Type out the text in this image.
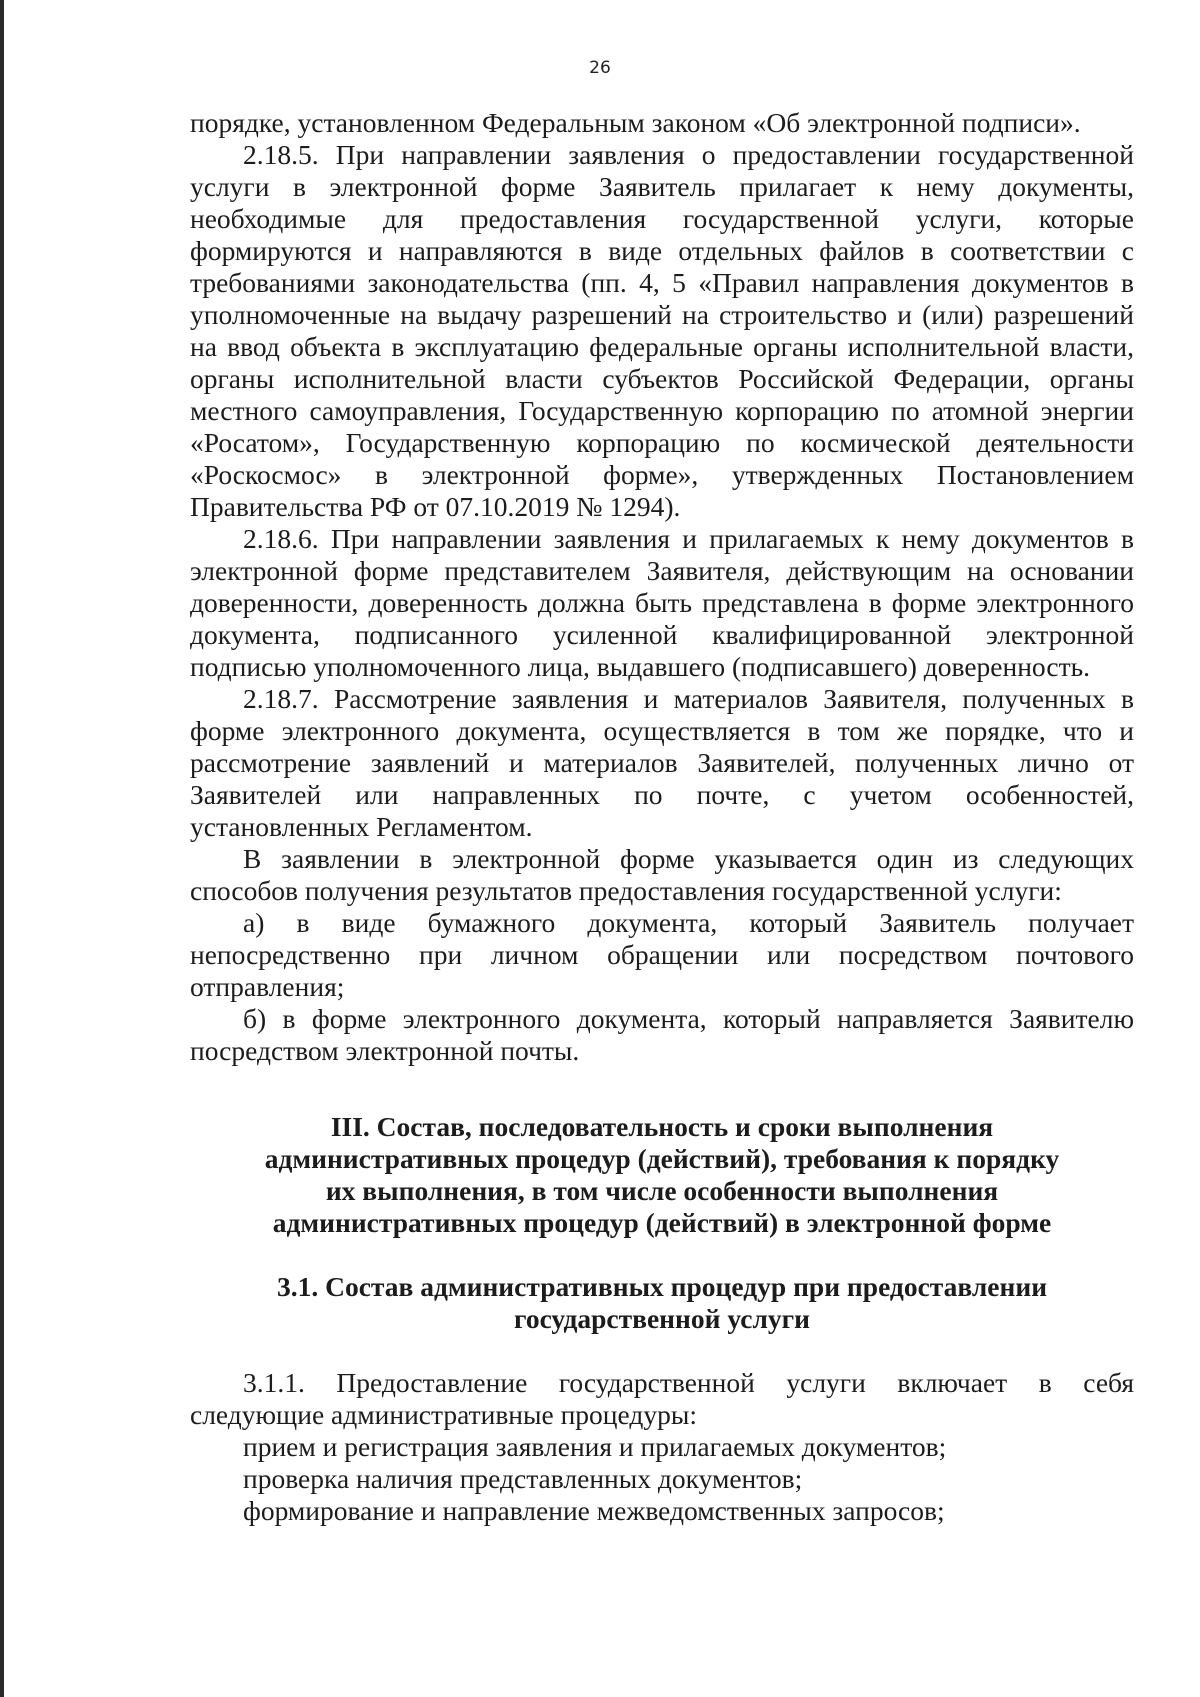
26

порядке, установленном Федеральным законом «Об электронной подписи».

2.18.5. При направлении заявления о предоставлении государственной
услуги в электронной форме Заявитель прилагает к нему документы,
необходимые для предоставления государственной услуги, которые
формируются и направляются в виде отдельных файлов в соответствии с
требованиями законодательства (пп. 4, 5 «Правил направления документов в
уполномоченные на выдачу разрешений на строительство и (или) разрешений
на ввод объекта в эксплуатацию федеральные органы исполнительной власти,
органы исполнительной власти субъектов Российской Федерации, органы
местного самоуправления, Государственную корпорацию по атомной энергии
«Росатом», Государственную корпорацию по космической деятельности
«Роскосмос» в электронной форме», утвержденных Постановлением
Правительства РФ от 07.10.2019 № 1294).

2.18.6. При направлении заявления и прилагаемых к нему документов в
электронной форме представителем Заявителя, действующим на основании
доверенности, доверенность должна быть представлена в форме электронного
документа, подписанного усиленной квалифицированной электронной
подписью уполномоченного лица, выдавшего (подписавшего) доверенность.

2.18.7. Рассмотрение заявления и материалов Заявителя, полученных в
форме электронного документа, осуществляется в том же порядке, что и
рассмотрение заявлений и материалов Заявителей, полученных лично от
Заявителей или направленных по почте, с учетом особенностей,
установленных Регламентом.

В заявлении в электронной форме указывается один из следующих
способов получения результатов предоставления государственной услуги:

а) в виде бумажного документа, который Заявитель получает
непосредственно при личном обращении или посредством почтового
отправления;

б) в форме электронного документа, который направляется Заявителю
посредством электронной почты.

III. Состав, последовательность и сроки выполнения
административных процедур (действий), требования к порядку
их выполнения, в том числе особенности выполнения
административных процедур (действий) в электронной форме
3.1. Состав административных процедур при предоставлении
государственной услуги

3.1.1. Предоставление государственной услуги включает в себя
следующие административные процедуры:

прием и регистрация заявления и прилагаемых документов;

проверка наличия представленных документов;

формирование и направление межведомственных запросов;
